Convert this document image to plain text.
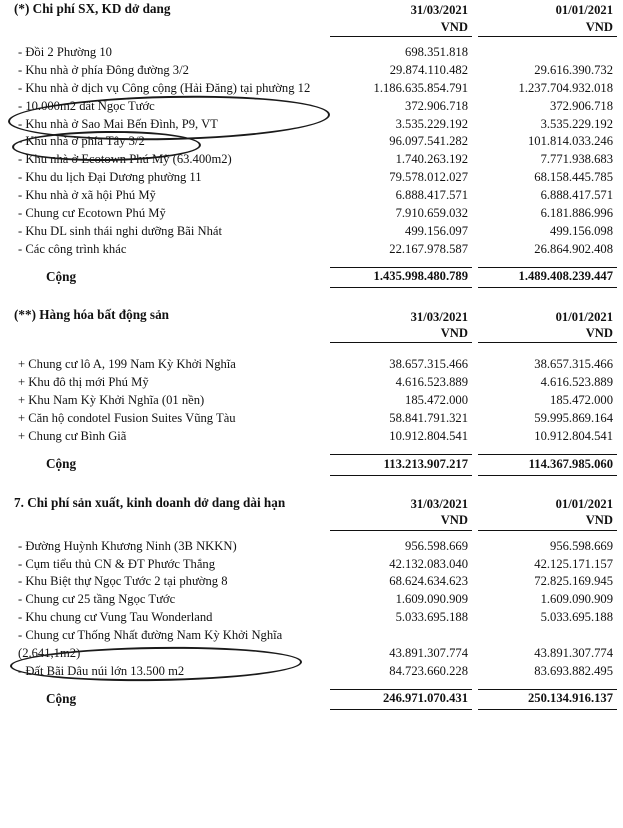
(*) Chi phí SX, KD dở dang	31/03/2021	01/01/2021
	VND	VND

- Đồi 2 Phường 10	698.351.818	
- Khu nhà ở phía Đông đường 3/2	29.874.110.482	29.616.390.732
- Khu nhà ở dịch vụ Công cộng (Hải Đăng) tại phường 12	1.186.635.854.791	1.237.704.932.018
- 10.000m2 đất Ngọc Tước	372.906.718	372.906.718
- Khu nhà ở Sao Mai Bến Đình, P9, VT	3.535.229.192	3.535.229.192
- Khu nhà ở phía Tây 3/2	96.097.541.282	101.814.033.246
- Khu nhà ở Ecotown Phú Mỹ (63.400m2)	1.740.263.192	7.771.938.683
- Khu du lịch Đại Dương phường 11	79.578.012.027	68.158.445.785
- Khu nhà ở xã hội Phú Mỹ	6.888.417.571	6.888.417.571
- Chung cư Ecotown Phú Mỹ	7.910.659.032	6.181.886.996
- Khu DL sinh thái nghi dưỡng Bãi Nhát	499.156.097	499.156.098
- Các công trình khác	22.167.978.587	26.864.902.408

Cộng	1.435.998.480.789	1.489.408.239.447

(**) Hàng hóa bất động sản	31/03/2021	01/01/2021
	VND	VND

+ Chung cư lô A, 199 Nam Kỳ Khởi Nghĩa	38.657.315.466	38.657.315.466
+ Khu đô thị mới Phú Mỹ	4.616.523.889	4.616.523.889
+ Khu Nam Kỳ Khởi Nghĩa (01 nền)	185.472.000	185.472.000
+ Căn hộ condotel Fusion Suites Vũng Tàu	58.841.791.321	59.995.869.164
+ Chung cư Bình Giã	10.912.804.541	10.912.804.541

Cộng	113.213.907.217	114.367.985.060

7. Chi phí sản xuất, kinh doanh dở dang dài hạn	31/03/2021	01/01/2021
	VND	VND

- Đường Huỳnh Khương Ninh (3B NKKN)	956.598.669	956.598.669
- Cụm tiểu thủ CN & ĐT Phước Thắng	42.132.083.040	42.125.171.157
- Khu Biệt thự Ngọc Tước 2 tại phường 8	68.624.634.623	72.825.169.945
- Chung cư 25 tầng Ngọc Tước	1.609.090.909	1.609.090.909
- Khu chung cư Vung Tau Wonderland	5.033.695.188	5.033.695.188
- Chung cư Thống Nhất đường Nam Kỳ Khởi Nghĩa (2.641,1m2)	43.891.307.774	43.891.307.774
- Đất Bãi Dâu núi lớn 13.500 m2	84.723.660.228	83.693.882.495

Cộng	246.971.070.431	250.134.916.137
